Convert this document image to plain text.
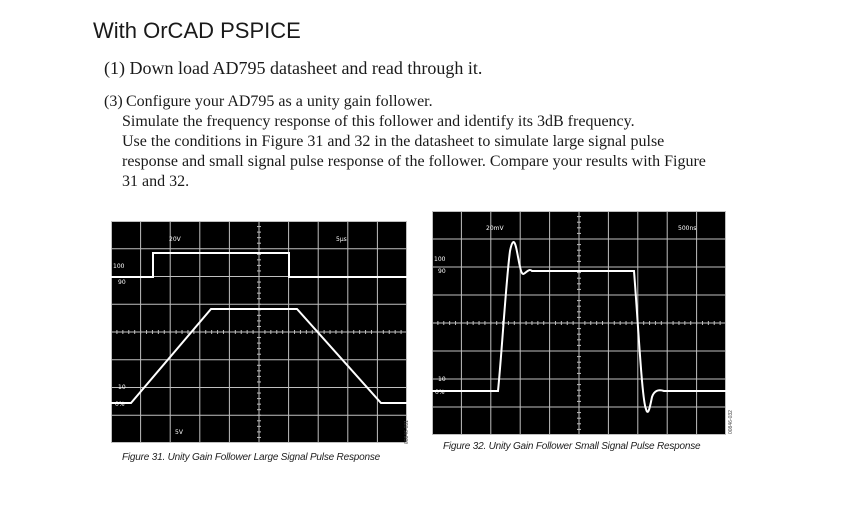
With OrCAD PSPICE
(1) Down load AD795 datasheet and read through it.
(3) Configure your AD795 as a unity gain follower.
Simulate the frequency response of this follower and identify its 3dB frequency.
Use the conditions in Figure 31 and 32 in the datasheet to simulate large signal pulse
response and small signal pulse response of the follower. Compare your results with Figure
31 and 32.
20V	5µs
5V
100
90
10
0%
00846-031
Figure 31. Unity Gain Follower Large Signal Pulse Response
20mV	500ns
100
90
10
0%
00846-032
Figure 32. Unity Gain Follower Small Signal Pulse Response
